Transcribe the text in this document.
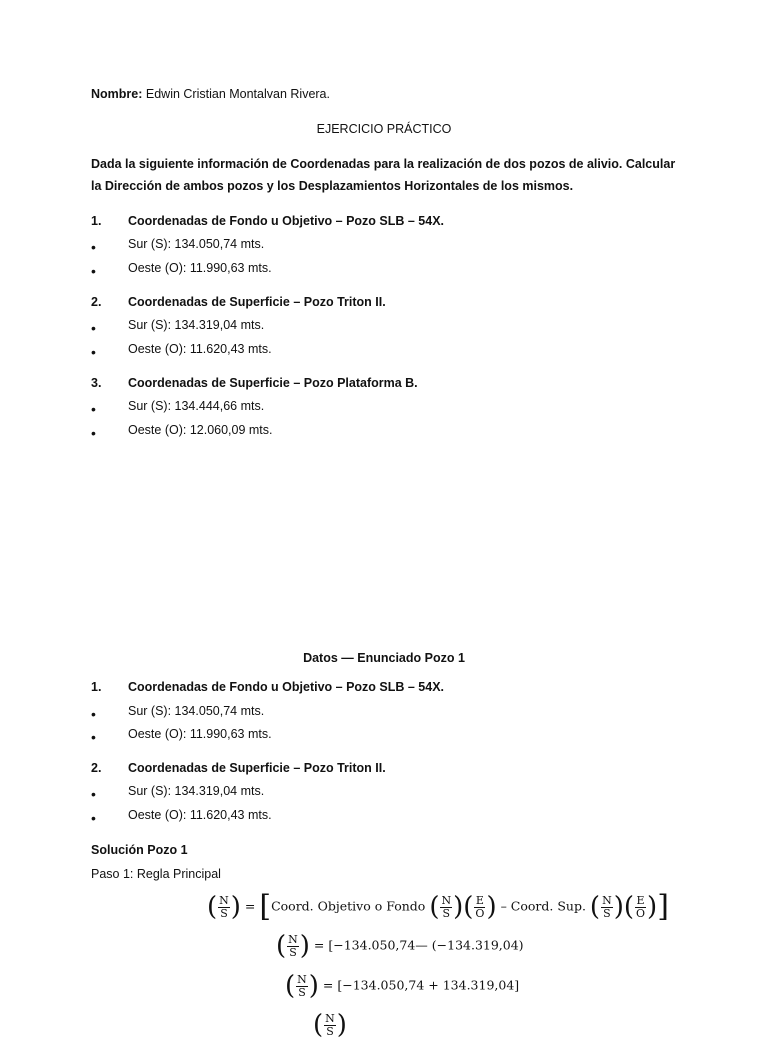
Nombre: Edwin Cristian Montalvan Rivera.
EJERCICIO PRÁCTICO
Dada la siguiente información de Coordenadas para la realización de dos pozos de alivio. Calcular
la Dirección de ambos pozos y los Desplazamientos Horizontales de los mismos.
1. Coordenadas de Fondo u Objetivo – Pozo SLB – 54X.
•	Sur (S): 134.050,74 mts.
•	Oeste (O): 11.990,63 mts.
2. Coordenadas de Superficie – Pozo Triton II.
•	Sur (S): 134.319,04 mts.
•	Oeste (O): 11.620,43 mts.
3. Coordenadas de Superficie – Pozo Plataforma B.
•	Sur (S): 134.444,66 mts.
•	Oeste (O): 12.060,09 mts.
Datos — Enunciado Pozo 1
1. Coordenadas de Fondo u Objetivo – Pozo SLB – 54X.
•	Sur (S): 134.050,74 mts.
•	Oeste (O): 11.990,63 mts.
2. Coordenadas de Superficie – Pozo Triton II.
•	Sur (S): 134.319,04 mts.
•	Oeste (O): 11.620,43 mts.
Solución Pozo 1
Paso 1: Regla Principal
( $\frac{N}{S}$ ) = [Coord. Objetivo o Fondo ( $\frac{N}{S}$ )( $\frac{E}{O}$ ) – Coord. Sup. ( $\frac{N}{S}$ )( $\frac{E}{O}$ )]
( $\frac{N}{S}$ ) = [−134.050,74— (−134.319,04)
( $\frac{N}{S}$ ) = [−134.050,74 + 134.319,04]
( $\frac{N}{S}$ )
